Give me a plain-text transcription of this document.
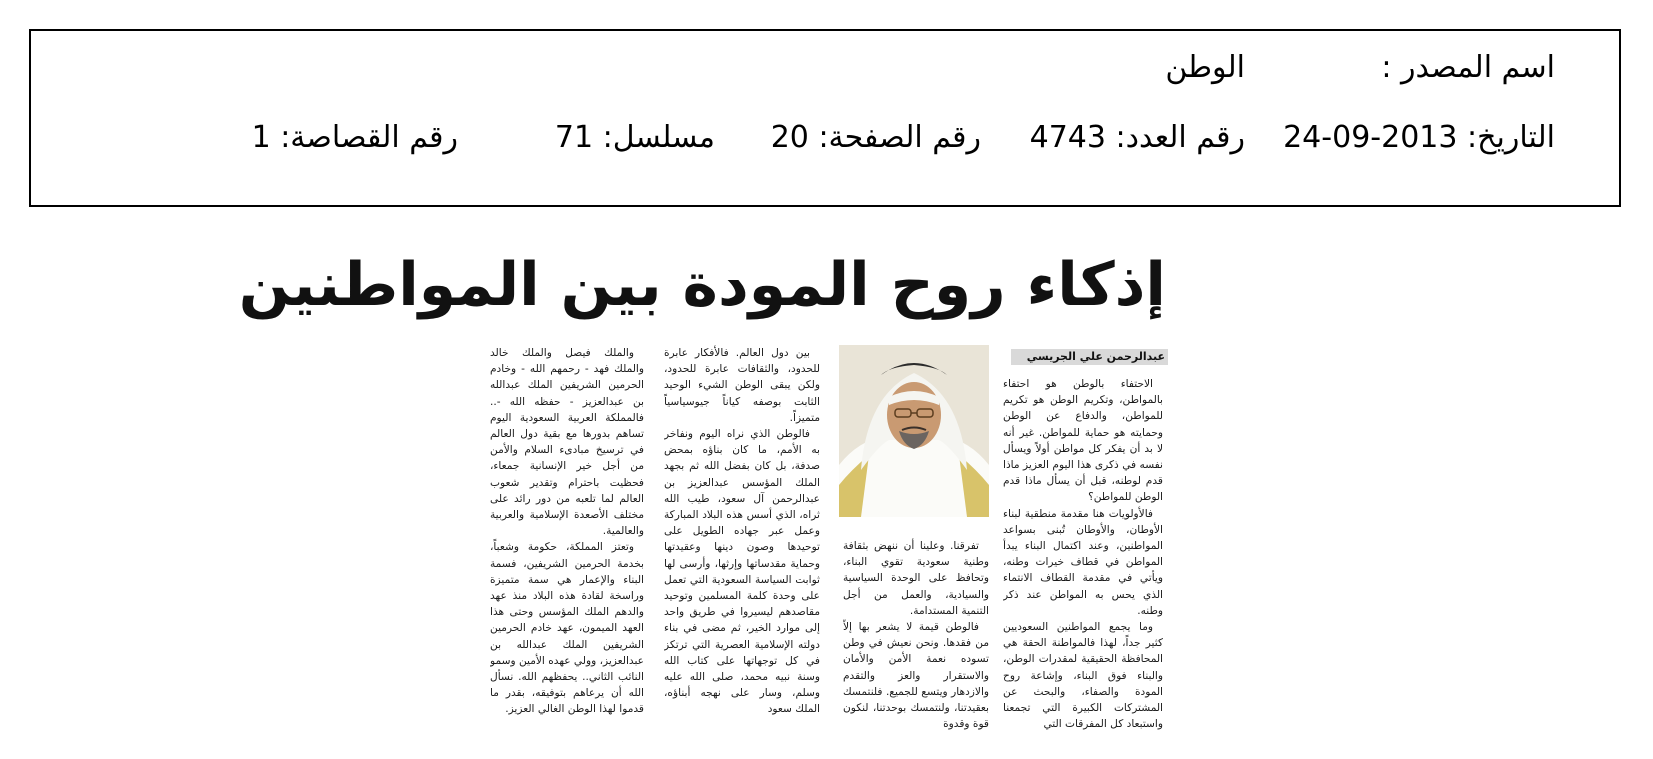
اسم المصدر :
الوطن
التاريخ: 2013-09-24
رقم العدد: 4743
رقم الصفحة: 20
مسلسل: 71
رقم القصاصة: 1
إذكاء روح المودة بين المواطنين
عبدالرحمن علي الجريسي

الاحتفاء بالوطن هو احتفاء بالمواطن، وتكريم الوطن هو تكريم للمواطن، والدفاع عن الوطن وحمايته هو حماية للمواطن. غير أنه لا بد أن يفكر كل مواطن أولاً ويسأل نفسه في ذكرى هذا اليوم العزيز ماذا قدم لوطنه، قبل أن يسأل ماذا قدم الوطن للمواطن؟

فالأولويات هنا مقدمة منطقية لبناء الأوطان، والأوطان تُبنى بسواعد المواطنين، وعند اكتمال البناء يبدأ المواطن في قطاف خيرات وطنه، ويأتي في مقدمة القطاف الانتماء الذي يحس به المواطن عند ذكر وطنه.

وما يجمع المواطنين السعوديين كثير جداً، لهذا فالمواطنة الحقة هي المحافظة الحقيقية لمقدرات الوطن، والبناء فوق البناء، وإشاعة روح المودة والصفاء، والبحث عن المشتركات الكبيرة التي تجمعنا واستبعاد كل المفرقات التي

تفرقنا. وعلينا أن ننهض بثقافة وطنية سعودية تقوي البناء، وتحافظ على الوحدة السياسية والسيادية، والعمل من أجل التنمية المستدامة.

فالوطن قيمة لا يشعر بها إلاّ من فقدها. ونحن نعيش في وطن تسوده نعمة الأمن والأمان والاستقرار والعز والتقدم والازدهار ويتسع للجميع. فلنتمسك بعقيدتنا، ولنتمسك بوحدتنا، لنكون قوة وقدوة

بين دول العالم. فالأفكار عابرة للحدود، والثقافات عابرة للحدود، ولكن يبقى الوطن الشيء الوحيد الثابت بوصفه كياناً جيوسياسياً متميزاً.

فالوطن الذي نراه اليوم ونفاخر به الأمم، ما كان بناؤه بمحض صدفة، بل كان بفضل الله ثم بجهد الملك المؤسس عبدالعزيز بن عبدالرحمن آل سعود، طيب الله ثراه، الذي أسس هذه البلاد المباركة وعمل عبر جهاده الطويل على توحيدها وصون دينها وعقيدتها وحماية مقدساتها وإرثها، وأرسى لها ثوابت السياسة السعودية التي تعمل على وحدة كلمة المسلمين وتوحيد مقاصدهم ليسيروا في طريق واحد إلى موارد الخير، ثم مضى في بناء دولته الإسلامية العصرية التي ترتكز في كل توجهاتها على كتاب الله وسنة نبيه محمد، صلى الله عليه وسلم، وسار على نهجه أبناؤه، الملك سعود

والملك فيصل والملك خالد والملك فهد - رحمهم الله - وخادم الحرمين الشريفين الملك عبدالله بن عبدالعزيز - حفظه الله -.. فالمملكة العربية السعودية اليوم تساهم بدورها مع بقية دول العالم في ترسيخ مبادىء السلام والأمن من أجل خير الإنسانية جمعاء، فحظيت باحترام وتقدير شعوب العالم لما تلعبه من دور رائد على مختلف الأصعدة الإسلامية والعربية والعالمية.

وتعتز المملكة، حكومة وشعباً، بخدمة الحرمين الشريفين، فسمة البناء والإعمار هي سمة متميزة وراسخة لقادة هذه البلاد منذ عهد والدهم الملك المؤسس وحتى هذا العهد الميمون، عهد خادم الحرمين الشريفين الملك عبدالله بن عبدالعزيز، وولي عهده الأمين وسمو النائب الثاني.. يحفظهم الله. نسأل الله أن يرعاهم بتوفيقه، بقدر ما قدموا لهذا الوطن الغالي العزيز.
